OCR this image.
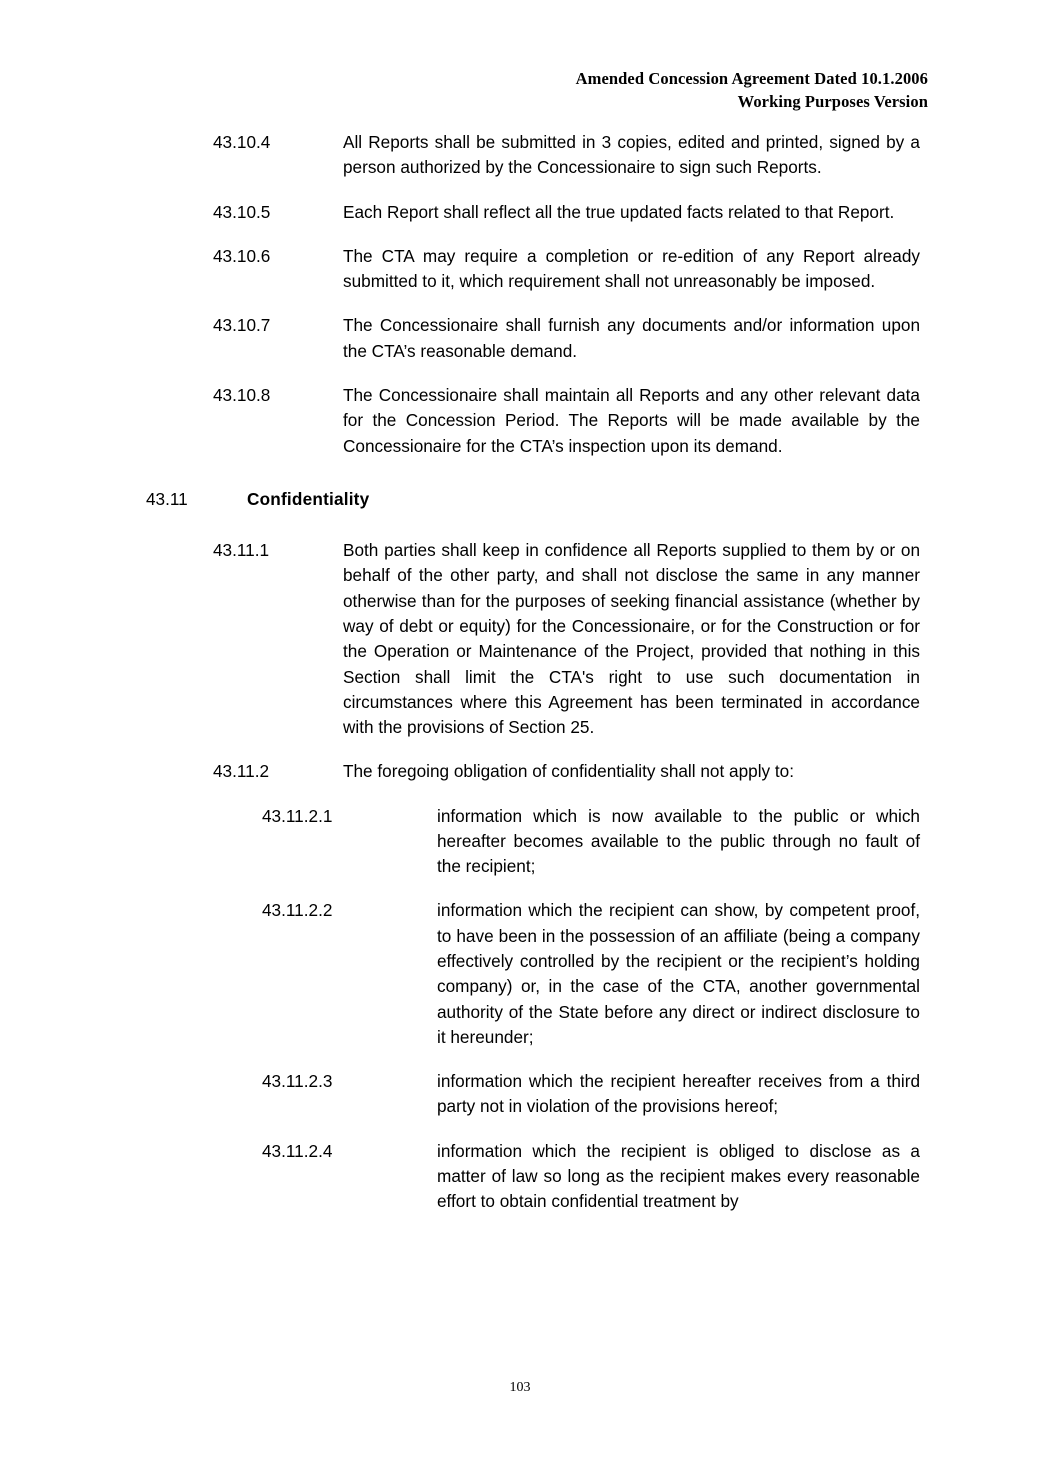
Amended Concession Agreement Dated 10.1.2006
Working Purposes Version
43.10.4	All Reports shall be submitted in 3 copies, edited and printed, signed by a person authorized by the Concessionaire to sign such Reports.
43.10.5	Each Report shall reflect all the true updated facts related to that Report.
43.10.6	The CTA may require a completion or re-edition of any Report already submitted to it, which requirement shall not unreasonably be imposed.
43.10.7	The Concessionaire shall furnish any documents and/or information upon the CTA’s reasonable demand.
43.10.8	The Concessionaire shall maintain all Reports and any other relevant data for the Concession Period. The Reports will be made available by the Concessionaire for the CTA’s inspection upon its demand.
43.11	Confidentiality
43.11.1	Both parties shall keep in confidence all Reports supplied to them by or on behalf of the other party, and shall not disclose the same in any manner otherwise than for the purposes of seeking financial assistance (whether by way of debt or equity) for the Concessionaire, or for the Construction or for the Operation or Maintenance of the Project, provided that nothing in this Section shall limit the CTA's right to use such documentation in circumstances where this Agreement has been terminated in accordance with the provisions of Section 25.
43.11.2	The foregoing obligation of confidentiality shall not apply to:
43.11.2.1	information which is now available to the public or which hereafter becomes available to the public through no fault of the recipient;
43.11.2.2	information which the recipient can show, by competent proof, to have been in the possession of an affiliate (being a company effectively controlled by the recipient or the recipient’s holding company) or, in the case of the CTA, another governmental authority of the State before any direct or indirect disclosure to it hereunder;
43.11.2.3	information which the recipient hereafter receives from a third party not in violation of the provisions hereof;
43.11.2.4	information which the recipient is obliged to disclose as a matter of law so long as the recipient makes every reasonable effort to obtain confidential treatment by
103
